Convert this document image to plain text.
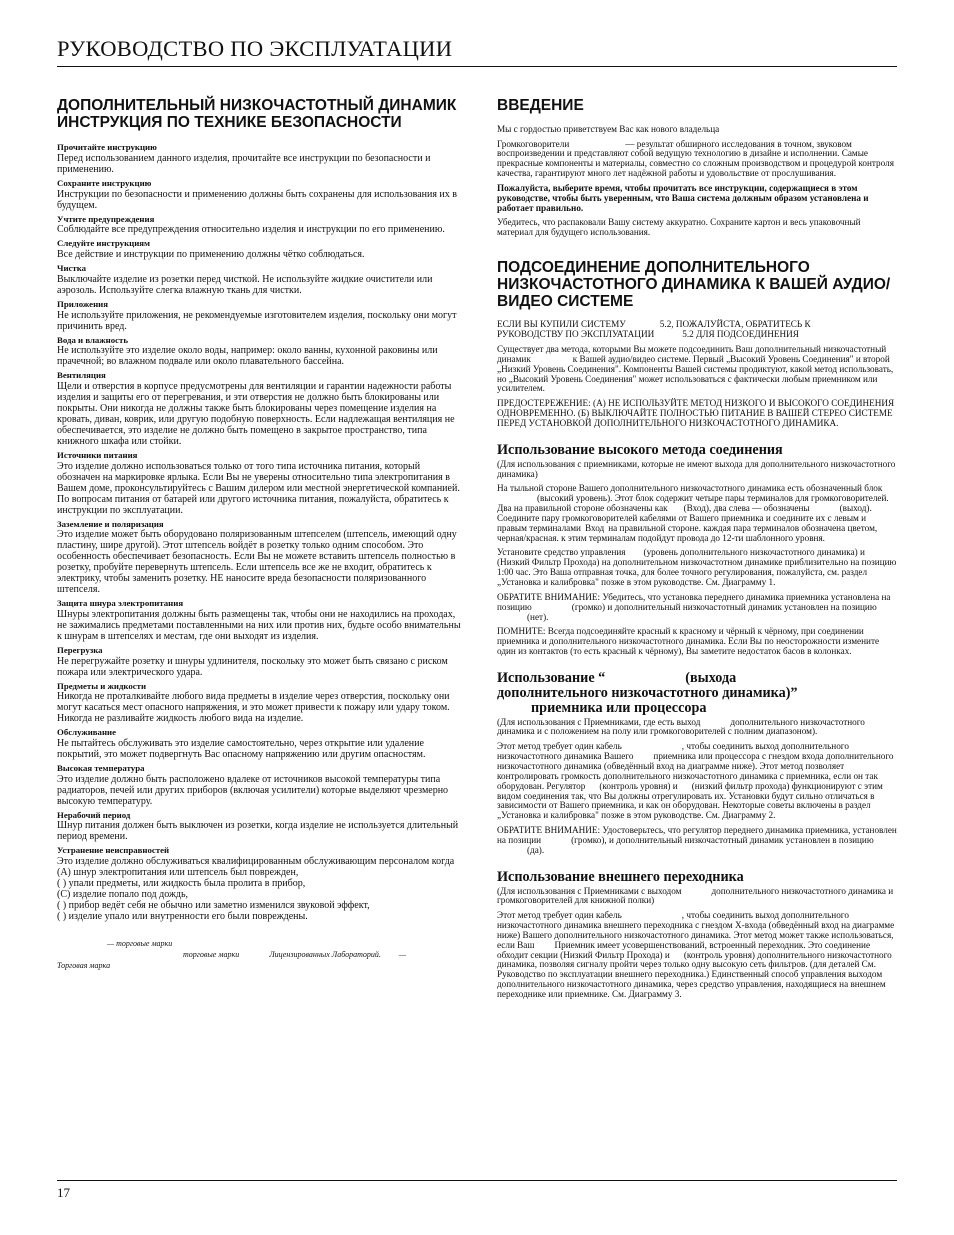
РУКОВОДСТВО ПО ЭКСПЛУАТАЦИИ
ДОПОЛНИТЕЛЬНЫЙ НИЗКОЧАСТОТНЫЙ ДИНАМИК ИНСТРУКЦИЯ ПО ТЕХНИКЕ БЕЗОПАСНОСТИ
Прочитайте инструкцию
Перед использованием данного изделия, прочитайте все инструкции по безопасности и применению.
Сохраните инструкцию
Инструкции по безопасности и применению должны быть сохранены для использования их в будущем.
Учтите предупреждения
Соблюдайте все предупреждения относительно изделия и инструкции по его применению.
Следуйте инструкциям
Все действие и инструкции по применению должны чётко соблюдаться.
Чистка
Выключайте изделие из розетки перед чисткой. Не используйте жидкие очистители или аэрозоль. Используйте слегка влажную ткань для чистки.
Приложения
Не используйте приложения, не рекомендуемые изготовителем изделия, поскольку они могут причинить вред.
Вода и влажность
Не используйте это изделие около воды, например: около ванны, кухонной раковины или прачечной; во влажном подвале или около плавательного бассейна.
Вентиляция
Щели и отверстия в корпусе предусмотрены для вентиляции и гарантии надежности работы изделия и защиты его от перегревания, и эти отверстия не должно быть блокированы или покрыты. Они никогда не должны также быть блокированы через помещение изделия на кровать, диван, коврик, или другую подобную поверхность. Если надлежащая вентиляция не обеспечивается, это изделие не должно быть помещено в закрытое пространство, типа книжного шкафа или стойки.
Источники питания
Это изделие должно использоваться только от того типа источника питания, который обозначен на маркировке ярлыка. Если Вы не уверены относительно типа электропитания в Вашем доме, проконсультируйтесь с Вашим дилером или местной энергетической компанией. По вопросам питания от батарей или другого источника питания, пожалуйста, обратитесь к инструкции по эксплуатации.
Заземление и поляризация
Это изделие может быть оборудовано поляризованным штепселем (штепсель, имеющий одну пластину, шире другой). Этот штепсель войдёт в розетку только одним способом. Это особенность обеспечивает безопасность. Если Вы не можете вставить штепсель полностью в розетку, пробуйте перевернуть штепсель. Если штепсель все же не входит, обратитесь к электрику, чтобы заменить розетку. НЕ наносите вреда безопасности поляризованного штепселя.
Защита шнура электропитания
Шнуры электропитания должны быть размещены так, чтобы они не находились на проходах, не зажимались предметами поставленными на них или против них, будьте особо внимательны к шнурам в штепселях и местам, где они выходят из изделия.
Перегрузка
Не перегружайте розетку и шнуры удлинителя, поскольку это может быть связано с риском пожара или электрического удара.
Предметы и жидкости
Никогда не проталкивайте любого вида предметы в изделие через отверстия, поскольку они могут касаться мест опасного напряжения, и это может привести к пожару или удару током. Никогда не разливайте жидкость любого вида на изделие.
Обслуживание
Не пытайтесь обслуживать это изделие самостоятельно, через открытие или удаление покрытий, это может подвергнуть Вас опасному напряжению или другим опасностям.
Высокая температура
Это изделие должно быть расположено вдалеке от источников высокой температуры типа радиаторов, печей или других приборов (включая усилители) которые выделяют чрезмерно высокую температуру.
Нерабочий период
Шнур питания должен быть выключен из розетки, когда изделие не используется длительный период времени.
Устранение неисправностей
Это изделие должно обслуживаться квалифицированным обслуживающим персоналом когда
(A) шнур электропитания или штепсель был поврежден,
( ) упали предметы, или жидкость была пролита в прибор,
(C) изделие попало под дождь,
( ) прибор ведёт себя не обычно или заметно изменился звуковой эффект,
( ) изделие упало или внутренности его были повреждены.
— торговые марки
торговые марки	Лицензированных Лабораторий. —
Торговая марка
ВВЕДЕНИЕ

Мы с гордостью приветствуем Вас как нового владельца

Громкоговорители	— результат обширного исследования в точном, звуковом воспроизведении и представляют собой ведущую технологию в дизайне и исполнении. Самые прекрасные компоненты и материалы, совместно со сложным производством и процедурой контроля качества, гарантируют много лет надёжной работы и удовольствие от прослушивания.

Пожалуйста, выберите время, чтобы прочитать все инструкции, содержащиеся в этом руководстве, чтобы быть уверенным, что Ваша система должным образом установлена и работает правильно.

Убедитесь, что распаковали Вашу систему аккуратно. Сохраните картон и весь упаковочный материал для будущего использования.

ПОДСОЕДИНЕНИЕ ДОПОЛНИТЕЛЬНОГО НИЗКОЧАСТОТНОГО ДИНАМИКА К ВАШЕЙ АУДИО/ВИДЕО СИСТЕМЕ

ЕСЛИ ВЫ КУПИЛИ СИСТЕМУ	5.2, ПОЖАЛУЙСТА, ОБРАТИТЕСЬ К
РУКОВОДСТВУ ПО ЭКСПЛУАТАЦИИ	5.2 ДЛЯ ПОДСОЕДИНЕНИЯ

Существует два метода, которыми Вы можете подсоединить Ваш дополнительный низкочастотный динамик	к Вашей аудио/видео системе. Первый „Высокий Уровень Соединения" и второй „Низкий Уровень Соединения". Компоненты Вашей системы продиктуют, какой метод использовать, но „Высокий Уровень Соединения" может использоваться с фактически любым приемником или усилителем.

ПРЕДОСТЕРЕЖЕНИЕ: (А) НЕ ИСПОЛЬЗУЙТЕ МЕТОД НИЗКОГО И ВЫСОКОГО СОЕДИНЕНИЯ ОДНОВРЕМЕННО. (Б) ВЫКЛЮЧАЙТЕ ПОЛНОСТЬЮ ПИТАНИЕ В ВАШЕЙ СТЕРЕО СИСТЕМЕ ПЕРЕД УСТАНОВКОЙ ДОПОЛНИТЕЛЬНОГО НИЗКОЧАСТОТНОГО ДИНАМИКА.

Использование высокого метода соединения

(Для использования с приемниками, которые не имеют выхода для дополнительного низкочастотного динамика)

На тыльной стороне Вашего дополнительного низкочастотного динамика есть обозначенный блок(высокий уровень). Этот блок содержит четыре пары терминалов для громкоговорителей. Два на правильной стороне обозначены как (Вход), два слева — обозначены	(выход). Соедините пару громкоговорителей кабелями от Вашего приемника и соедините их с левым и правым терминалами Вход на правильной стороне. каждая пара терминалов обозначена цветом, черная/красная. к этим терминалам подойдут провода до 12-ти шаблонного уровня.

Установите средство управления (уровень дополнительного низкочастотного динамика) и(Низкий Фильтр Прохода) на дополнительном низкочастотном динамике приблизительно на позицию 1:00 час. Это Ваша отправная точка, для более точного регулирования, пожалуйста, см. раздел „Установка и калибровка" позже в этом руководстве. См. Диаграмму 1.

ОБРАТИТЕ ВНИМАНИЕ: Убедитесь, что установка переднего динамика приемника установлена на позицию	(громко) и дополнительный низкочастотный динамик установлен на позицию(нет).

ПОМНИТЕ: Всегда подсоединяйте красный к красному и чёрный к чёрному, при соединении приемника и дополнительного низкочастотного динамика. Если Вы по неосторожности измените один из контактов (то есть красный к чёрному), Вы заметите недостаток басов в колонках.

Использование “	(выхода
дополнительного низкочастотного динамика)”
приемника или процессора

(Для использования с Приемниками, где есть выход	дополнительного низкочастотного динамика и с положением на полу или громкоговорителей с полним диапазоном).

Этот метод требует один кабель	, чтобы соединить выход дополнительного низкочастотного динамика Вашего приемника или процессора с гнездом входа дополнительного низкочастотного динамика (обведённый вход на диаграмме ниже). Этот метод позволяет контролировать громкость дополнительного низкочастотного динамика с приемника, если он так оборудован. Регулятор (контроль уровня) и (низкий фильтр прохода) функционируют с этим видом соединения так, что Вы должны отрегулировать их. Установки будут сильно отличаться в зависимости от Вашего приемника, и как он оборудован. Некоторые советы включены в раздел „Установка и калибровка" позже в этом руководстве. См. Диаграмму 2.

ОБРАТИТЕ ВНИМАНИЕ: Удостоверьтесь, что регулятор переднего динамика приемника, установлен на позиции	(громко), и дополнительный низкочастотный динамик установлен в позицию(да).

Использование внешнего переходника

(Для использования с Приемниками с выходом	дополнительного низкочастотного динамика и громкоговорителей для книжной полки)

Этот метод требует один кабель	, чтобы соединить выход дополнительного низкочастотного динамика внешнего переходника с гнездом X-входа (обведённый вход на диаграмме ниже) Вашего дополнительного низкочастотного динамика. Этот метод может также использоваться, если Ваш Приемник имеет усовершенствований, встроенный переходник. Это соединение обходит секции (Низкий Фильтр Прохода) и (контроль уровня) дополнительного низкочастотного динамика, позволяя сигналу пройти через только одну высокую сеть фильтров. (для деталей См. Руководство по эксплуатации внешнего переходника.) Единственный способ управления выходом дополнительного низкочастотного динамика, через средство управления, находящиеся на внешнем переходнике или приемнике. См. Диаграмму 3.

17
